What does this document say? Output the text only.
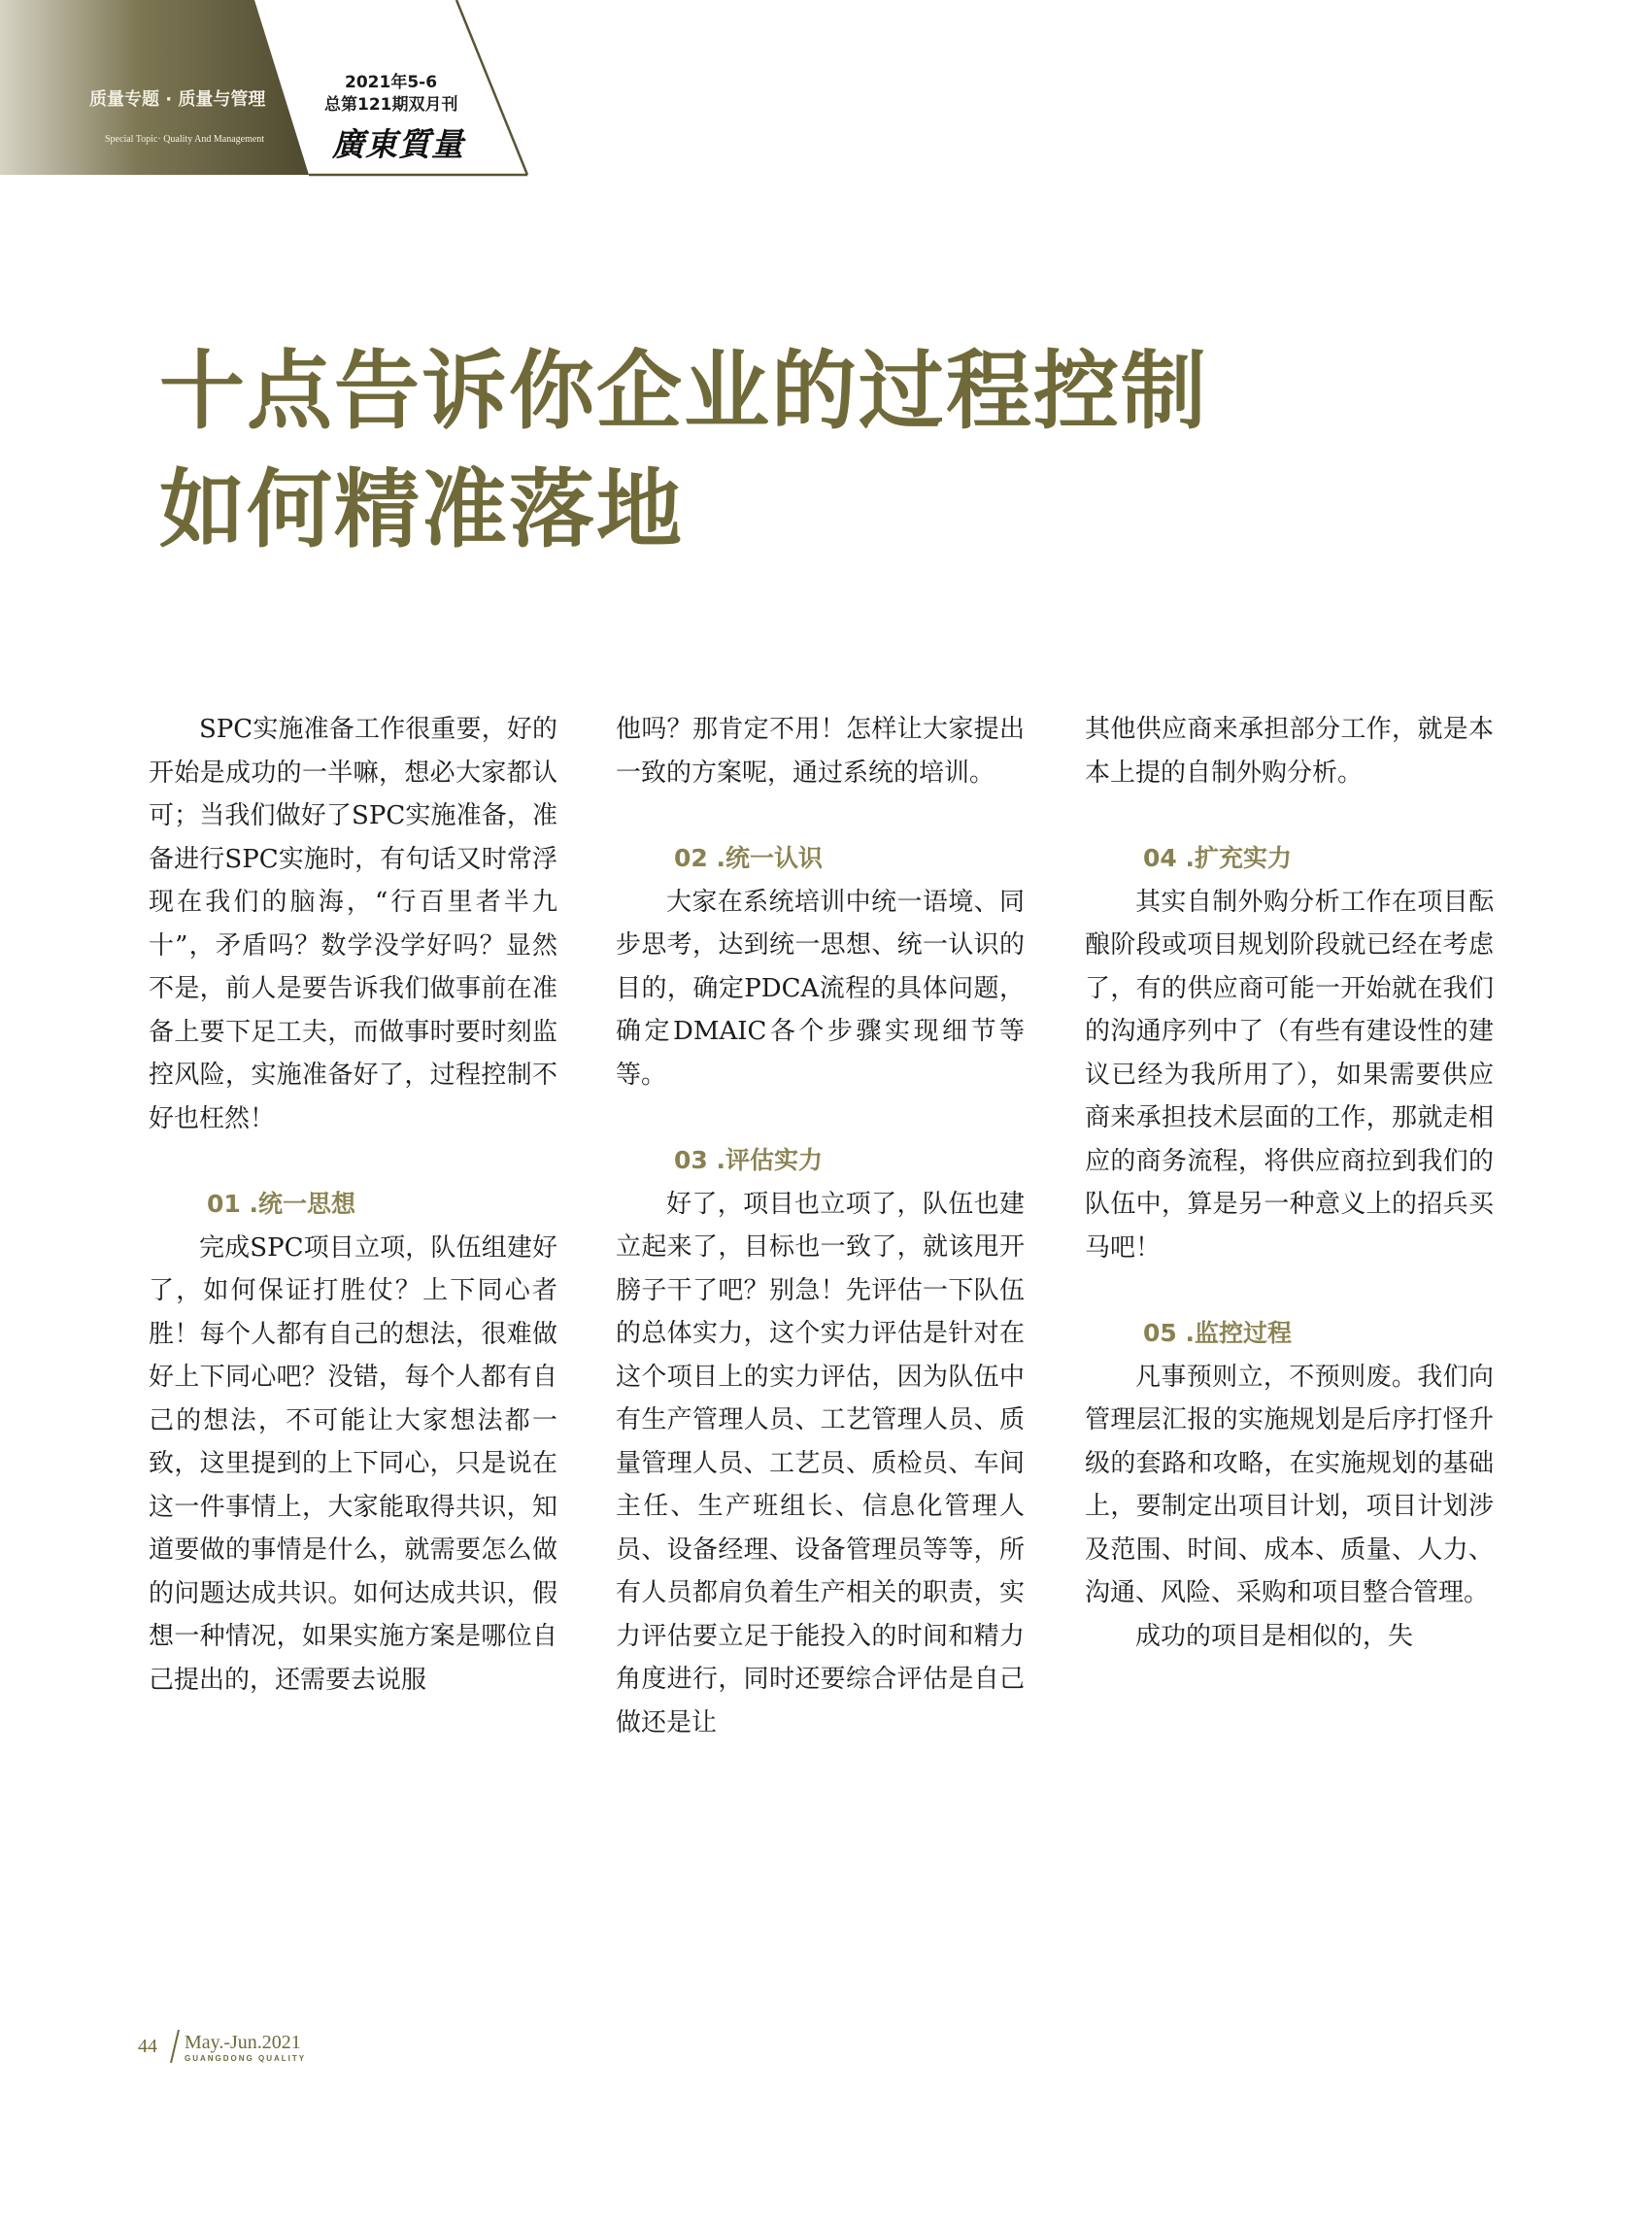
质量专题 · 质量与管理
Special Topic· Quality And Management
2021年5-6
总第121期双月刊
廣東質量
十点告诉你企业的过程控制
如何精准落地

SPC实施准备工作很重要，好的开始是成功的一半嘛，想必大家都认可；当我们做好了SPC实施准备，准备进行SPC实施时，有句话又时常浮现在我们的脑海，“行百里者半九十”，矛盾吗？数学没学好吗？显然不是，前人是要告诉我们做事前在准备上要下足工夫，而做事时要时刻监控风险，实施准备好了，过程控制不好也枉然！

01 .统一思想

完成SPC项目立项，队伍组建好了，如何保证打胜仗？上下同心者胜！每个人都有自己的想法，很难做好上下同心吧？没错，每个人都有自己的想法，不可能让大家想法都一致，这里提到的上下同心，只是说在这一件事情上，大家能取得共识，知道要做的事情是什么，就需要怎么做的问题达成共识。如何达成共识，假想一种情况，如果实施方案是哪位自己提出的，还需要去说服

他吗？那肯定不用！怎样让大家提出一致的方案呢，通过系统的培训。

02 .统一认识

大家在系统培训中统一语境、同步思考，达到统一思想、统一认识的目的，确定PDCA流程的具体问题，确定DMAIC各个步骤实现细节等等。

03 .评估实力

好了，项目也立项了，队伍也建立起来了，目标也一致了，就该甩开膀子干了吧？别急！先评估一下队伍的总体实力，这个实力评估是针对在这个项目上的实力评估，因为队伍中有生产管理人员、工艺管理人员、质量管理人员、工艺员、质检员、车间主任、生产班组长、信息化管理人员、设备经理、设备管理员等等，所有人员都肩负着生产相关的职责，实力评估要立足于能投入的时间和精力角度进行，同时还要综合评估是自己做还是让

其他供应商来承担部分工作，就是本本上提的自制外购分析。

04 .扩充实力

其实自制外购分析工作在项目酝酿阶段或项目规划阶段就已经在考虑了，有的供应商可能一开始就在我们的沟通序列中了（有些有建设性的建议已经为我所用了），如果需要供应商来承担技术层面的工作，那就走相应的商务流程，将供应商拉到我们的队伍中，算是另一种意义上的招兵买马吧！

05 .监控过程

凡事预则立，不预则废。我们向管理层汇报的实施规划是后序打怪升级的套路和攻略，在实施规划的基础上，要制定出项目计划，项目计划涉及范围、时间、成本、质量、人力、沟通、风险、采购和项目整合管理。

成功的项目是相似的，失

44 May.-Jun.2021
GUANGDONG QUALITY
